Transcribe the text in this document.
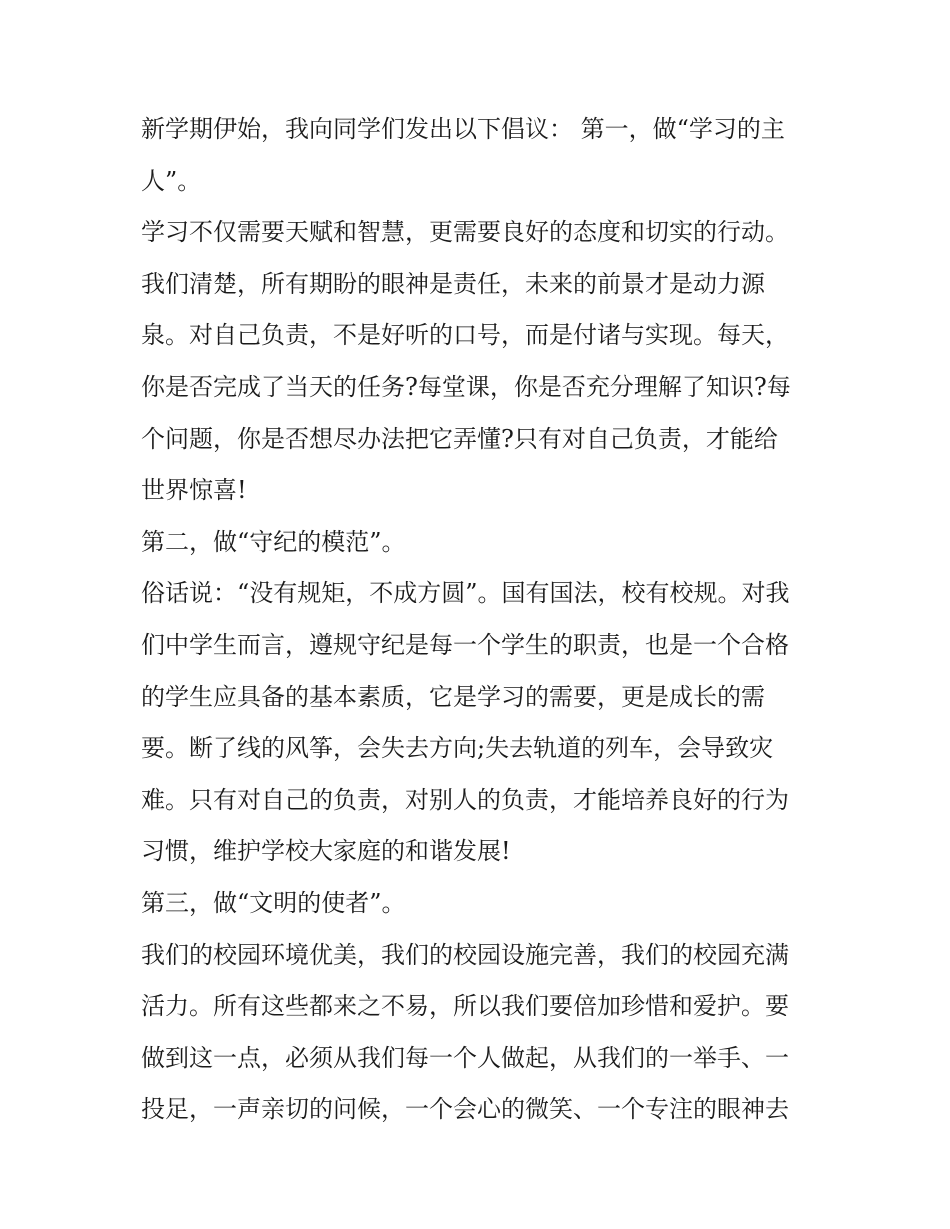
新学期伊始，我向同学们发出以下倡议： 第一，做“学习的主
人”。
学习不仅需要天赋和智慧，更需要良好的态度和切实的行动。
我们清楚，所有期盼的眼神是责任，未来的前景才是动力源
泉。对自己负责，不是好听的口号，而是付诸与实现。每天，
你是否完成了当天的任务?每堂课，你是否充分理解了知识?每
个问题，你是否想尽办法把它弄懂?只有对自己负责，才能给
世界惊喜!
第二，做“守纪的模范”。
俗话说：“没有规矩，不成方圆”。国有国法，校有校规。对我
们中学生而言，遵规守纪是每一个学生的职责，也是一个合格
的学生应具备的基本素质，它是学习的需要，更是成长的需
要。断了线的风筝，会失去方向;失去轨道的列车，会导致灾
难。只有对自己的负责，对别人的负责，才能培养良好的行为
习惯，维护学校大家庭的和谐发展!
第三，做“文明的使者”。
我们的校园环境优美，我们的校园设施完善，我们的校园充满
活力。所有这些都来之不易，所以我们要倍加珍惜和爱护。要
做到这一点，必须从我们每一个人做起，从我们的一举手、一
投足，一声亲切的问候，一个会心的微笑、一个专注的眼神去
